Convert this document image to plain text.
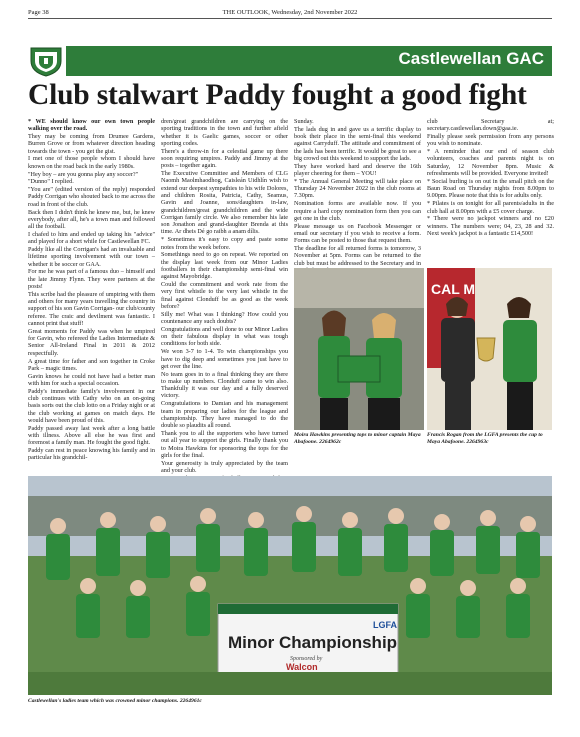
Page 38	THE OUTLOOK, Wednesday, 2nd November 2022
Castlewellan GAC
Club stalwart Paddy fought a good fight

* WE should know our own town people walking over the road.

They may be coming from Drumee Gardens, Burren Grove or from whatever direction heading towards the town - you get the gist.

I met one of those people whom I should have known on the road back in the early 1980s.

"Hey boy – are you gonna play any soccer?"

"Dunno" I replied.

"You are" (edited version of the reply) responded Paddy Corrigan who shouted back to me across the road in front of the club.

Back then I didn't think he knew me, but, he knew everybody, after all, he's a town man and followed all the football.

I chafed to him and ended up taking his "advice" and played for a short while for Castlewellan FC.

Paddy like all the Corrigan's had an invaluable and lifetime sporting involvement with our town – whether it be soccer or GAA.

For me he was part of a famous duo – himself and the late Jimmy Flynn. They were partners at the posts!

This scribe had the pleasure of umpiring with them and others for many years travelling the country in support of his son Gavin Corrigan- our club/county referee. The craic and devilment was fantastic. I cannot print that stuff!

Great moments for Paddy was when he umpired for Gavin, who refereed the Ladies Intermediate & Senior All-Ireland Final in 2011 & 2012 respectfully.

A great time for father and son together in Croke Park – magic times.

Gavin knows he could not have had a better man with him for such a special occasion.

Paddy's immediate family's involvement in our club continues with Cathy who on an on-going basis sorts out the club lotto on a Friday night or at the club working at games on match days. He would have been proud of this.

Paddy passed away last week after a long battle with illness. Above all else he was first and foremost a family man. He fought the good fight.

Paddy can rest in peace knowing his family and in particular his grandchil-

dren/great grandchildren are carrying on the sporting traditions in the town and further afield whether it is Gaelic games, soccer or other sporting codes.

There's a throw-in for a celestial game up there soon requiring umpires. Paddy and Jimmy at the posts – together again.

The Executive Committee and Members of CLG Naomh Maolmhaodhog, Caisleán Uidhlín wish to extend our deepest sympathies to his wife Dolores, and children Rosita, Patricia, Cathy, Seamus, Gavin and Joanne, sons/daughters in-law, grandchildren/great grandchildren and the wide Corrigan family circle. We also remember his late son Jonathon and grand-daughter Brenda at this time. Ar dheis Dé go raibh a anam dílis.

* Sometimes it's easy to copy and paste some notes from the week before.

Somethings need to go on repeat. We reported on the display last week from our Minor Ladies footballers in their championship semi-final win against Mayobridge.

Could the commitment and work rate from the very first whistle to the very last whistle in the final against Clonduff be as good as the week before?

Silly me! What was I thinking? How could you countenance any such doubts?

Congratulations and well done to our Minor Ladies on their fabulous display in what was tough conditions for both side.

We won 3-7 to 1-4. To win championships you have to dig deep and sometimes you just have to get over the line.

No team goes in to a final thinking they are there to make up numbers. Clonduff came to win also. Thankfully it was our day and a fully deserved victory.

Congratulations to Damian and his management team in preparing our ladies for the league and championship. They have managed to do the double so plaudits all round.

Thank you to all the supporters who have turned out all year to support the girls. Finally thank you to Moira Hawkins for sponsoring the tops for the girls for the final.

Your generosity is truly appreciated by the team and your club.

Sunday.

The lads dug in and gave us a terrific display to book their place in the semi-final this weekend against Carryduff. The attitude and commitment of the lads has been terrific. It would be great to see a big crowd out this weekend to support the lads.

They have worked hard and deserve the 16th player cheering for them – YOU!

* The Annual General Meeting will take place on Thursday 24 November 2022 in the club rooms at 7.30pm.

Nomination forms are available now. If you require a hard copy nomination form then you can get one in the club.

Please message us on Facebook Messenger or email our secretary if you wish to receive a form. Forms can be posted to those that request them.

The deadline for all returned forms is tomorrow, 3 November at 5pm. Forms can be returned to the club but must be addressed to the Secretary and in

club Secretary at; secretary.castlewellan.down@gaa.ie.

Finally please seek permission from any persons you wish to nominate.

* A reminder that our end of season club volunteers, coaches and parents night is on Saturday, 12 November 8pm. Music & refreshments will be provided. Everyone invited!

* Social burling is on out in the small pitch on the Baun Road on Thursday nights from 8.00pm to 9.00pm. Please note that this is for adults only.

* Pilates is on tonight for all parents/adults in the club hall at 8.00pm with a £5 cover charge.

* There were no jackpot winners and no £20 winners. The numbers were; 04, 23, 28 and 32. Next week's jackpot is a fantastic £14,500!

CAL M
Moira Hawkins presenting tops to minor captain Maya Abafoone. 2264962c
Francis Rogan from the LGFA presents the cup to Maya Abafoone. 2264963c
LGFA
Minor Championship
Sponsored by
Walcon
Castlewellan's ladies team which was crowned minor champions. 2264961c
